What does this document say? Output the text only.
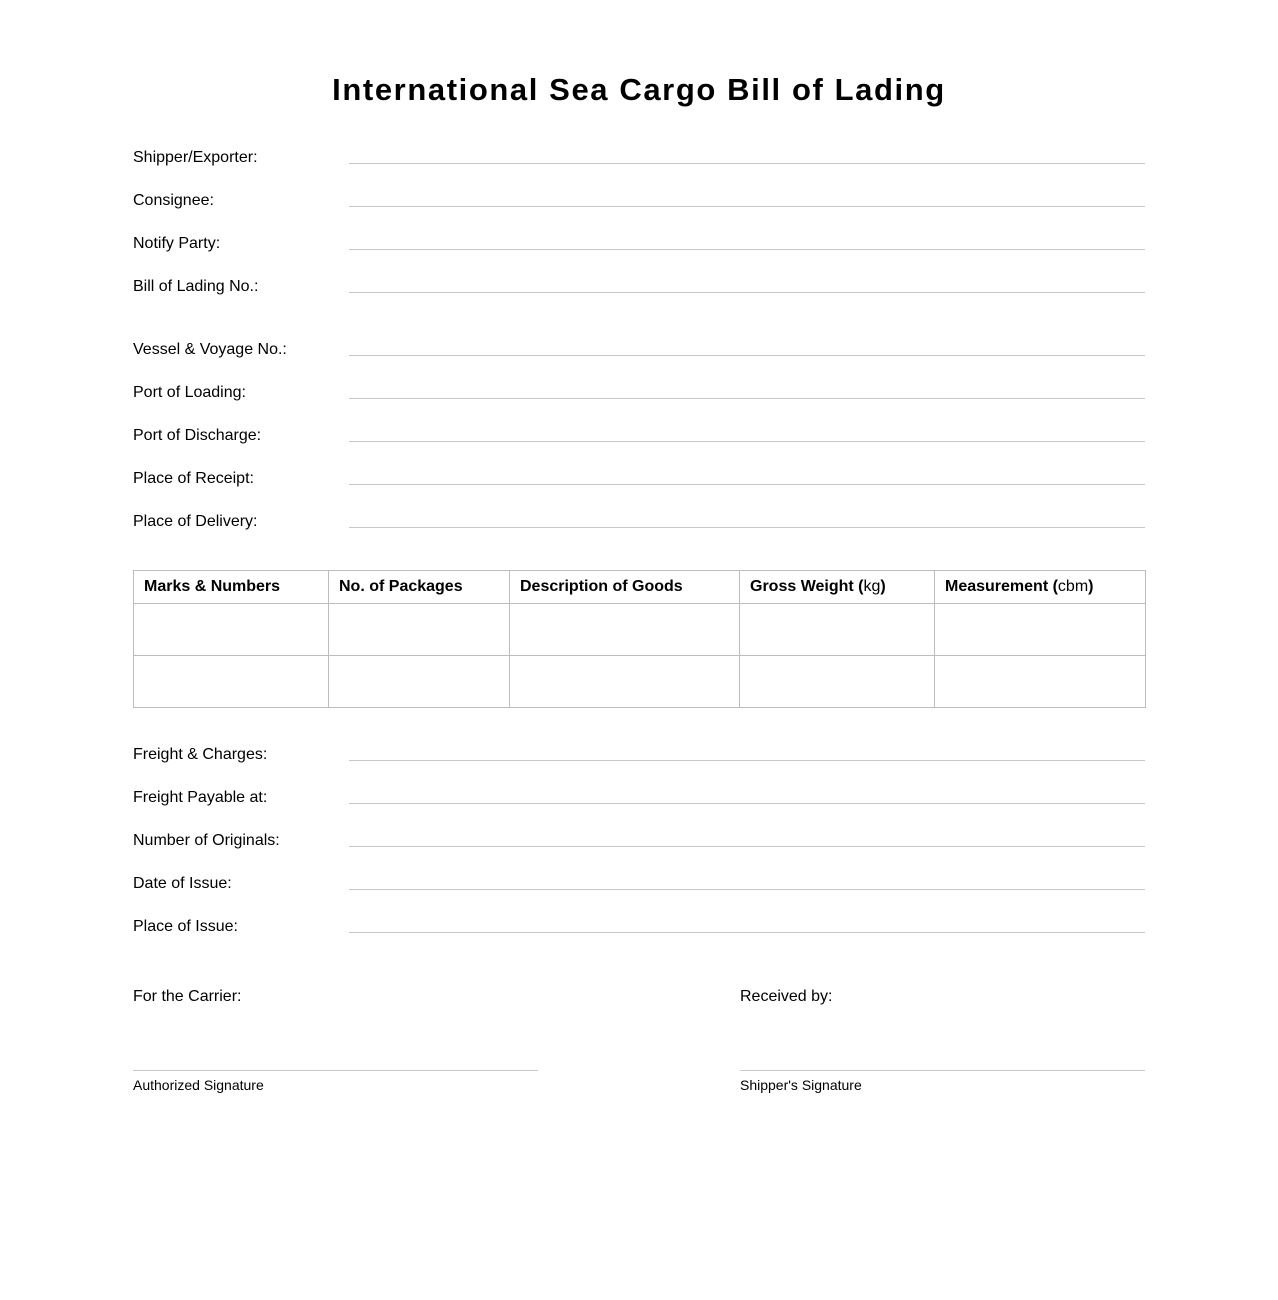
International Sea Cargo Bill of Lading
Shipper/Exporter:
Consignee:
Notify Party:
Bill of Lading No.:
Vessel & Voyage No.:
Port of Loading:
Port of Discharge:
Place of Receipt:
Place of Delivery:
Marks & Numbers	No. of Packages	Description of Goods	Gross Weight (kg)	Measurement (cbm)

Freight & Charges:
Freight Payable at:
Number of Originals:
Date of Issue:
Place of Issue:
For the Carrier:
Authorized Signature
Received by:
Shipper's Signature
